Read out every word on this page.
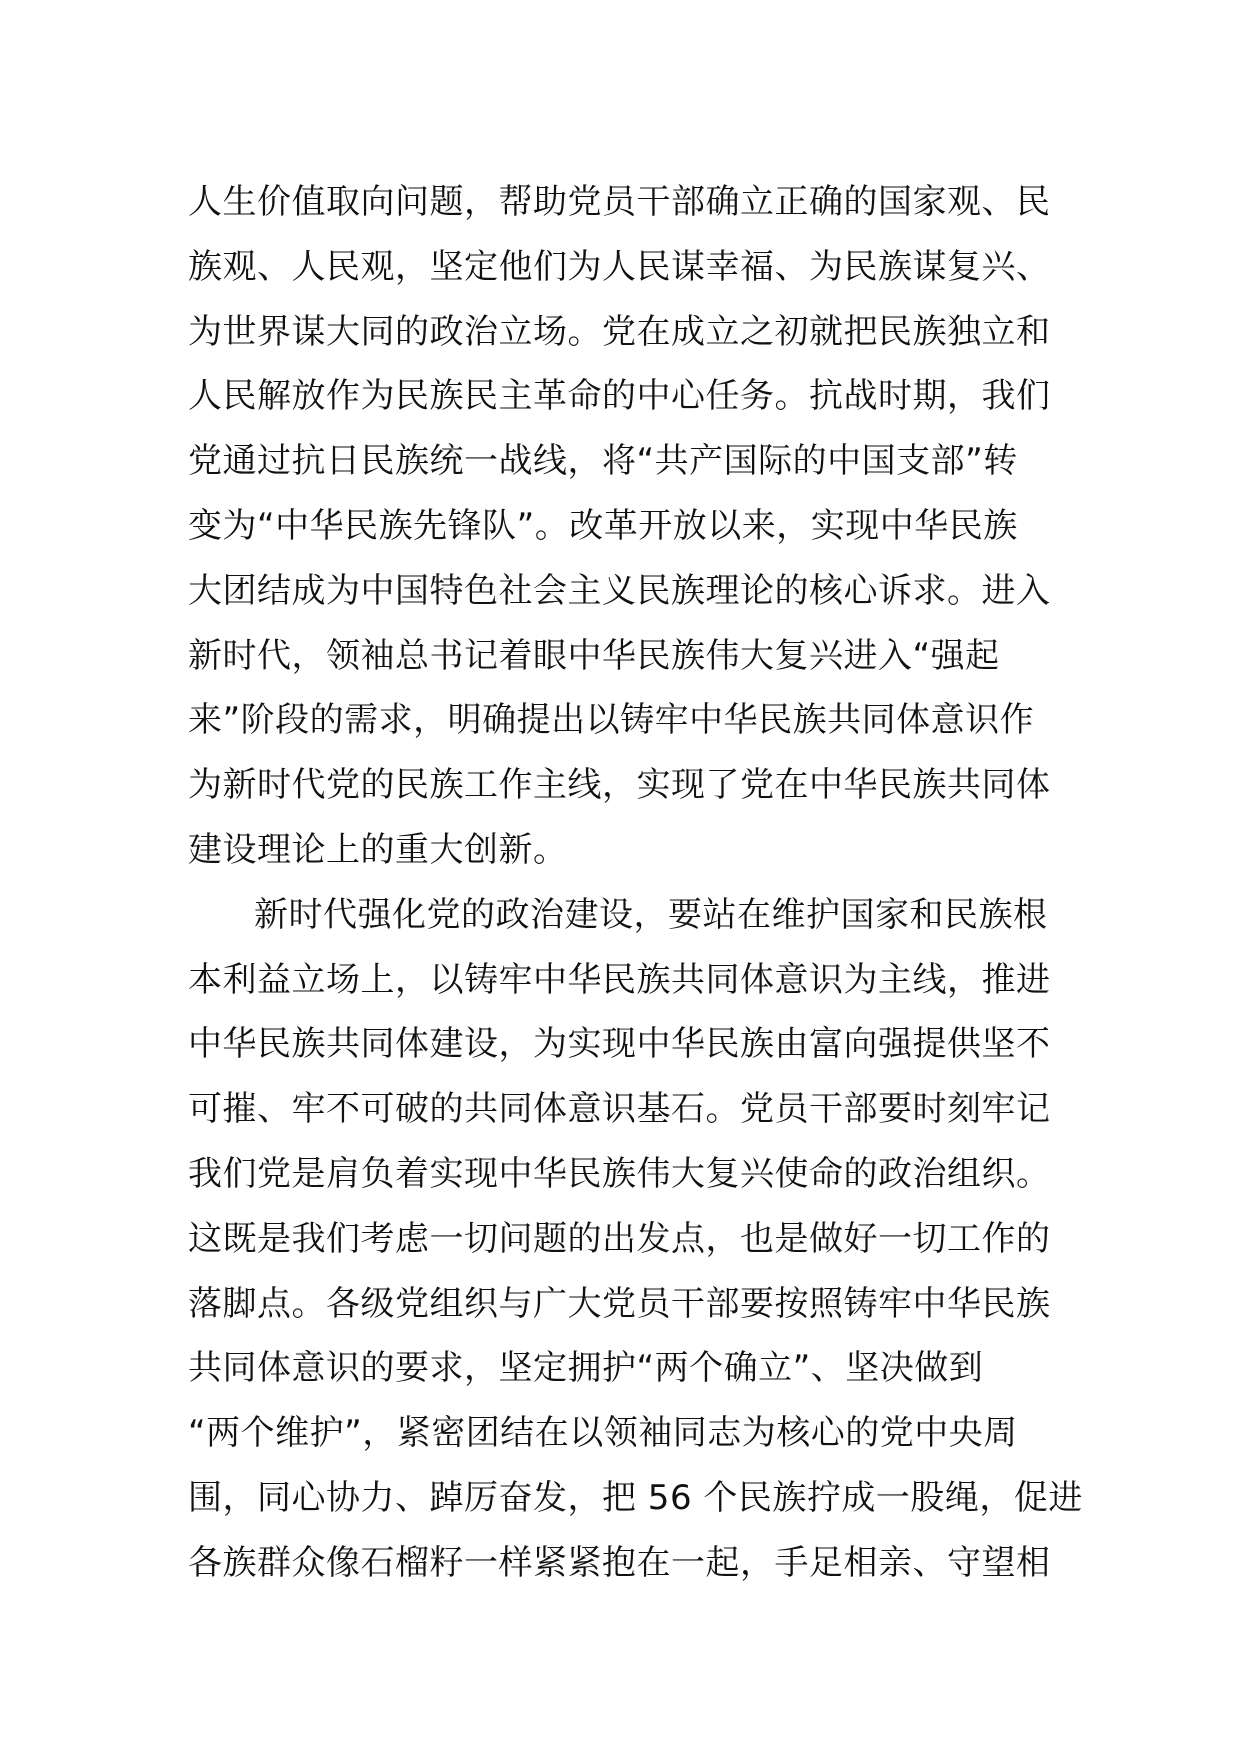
人生价值取向问题，帮助党员干部确立正确的国家观、民
族观、人民观，坚定他们为人民谋幸福、为民族谋复兴、
为世界谋大同的政治立场。党在成立之初就把民族独立和
人民解放作为民族民主革命的中心任务。抗战时期，我们
党通过抗日民族统一战线，将“共产国际的中国支部”转
变为“中华民族先锋队”。改革开放以来，实现中华民族
大团结成为中国特色社会主义民族理论的核心诉求。进入
新时代，领袖总书记着眼中华民族伟大复兴进入“强起
来”阶段的需求，明确提出以铸牢中华民族共同体意识作
为新时代党的民族工作主线，实现了党在中华民族共同体
建设理论上的重大创新。
新时代强化党的政治建设，要站在维护国家和民族根
本利益立场上，以铸牢中华民族共同体意识为主线，推进
中华民族共同体建设，为实现中华民族由富向强提供坚不
可摧、牢不可破的共同体意识基石。党员干部要时刻牢记
我们党是肩负着实现中华民族伟大复兴使命的政治组织。
这既是我们考虑一切问题的出发点，也是做好一切工作的
落脚点。各级党组织与广大党员干部要按照铸牢中华民族
共同体意识的要求，坚定拥护“两个确立”、坚决做到
“两个维护”，紧密团结在以领袖同志为核心的党中央周
围，同心协力、踔厉奋发，把 56 个民族拧成一股绳，促进
各族群众像石榴籽一样紧紧抱在一起，手足相亲、守望相
